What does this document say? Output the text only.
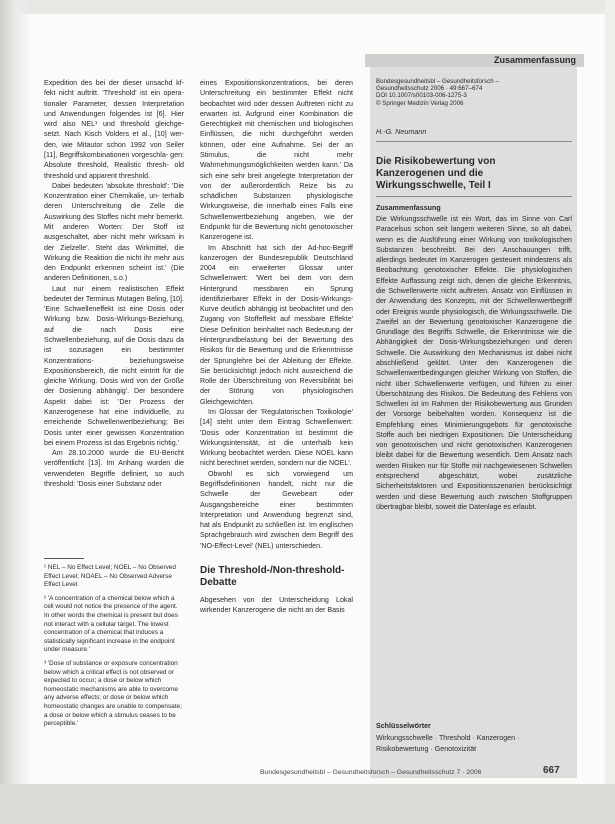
Expedition des bei der dieser unsachd kf- fekt nicht auftritt. 'Threshold' ist ein opera- tionaler Parameter, dessen Interpretation und Anwendungen folgendes ist [6]. Hier wird also NEL¹ und threshold gleichge- setzt. Nach Kisch Volders et al., [10] wer- den, wie Mitautor schon 1992 von Seiler [11], Begriffskombinationen vorgeschla- gen: Absolute threshold, Realistic thresh- old threshold und apparent threshold.

Dabei bedeuten 'absolute threshold': 'Die Konzentration einer Chemikalie, un- terhalb deren Unterschreitung die Zelle die Auswirkung des Stoffes nicht mehr bemerkt. Mit anderen Worten: Der Stoff ist ausgeschaltet, aber nicht mehr wirksam in der Zielzelle'. Steht das Wirkmittel, die Wirkung die Reaktion die nicht ihr mehr aus den Endpunkt erkennen scheint ist.' (Die anderen Definitionen, s.o.)

Laut nur einem realistischen Effekt bedeutet der Terminus Mutagen Beling, [10]. 'Eine Schwelleneffekt ist eine Dosis oder Wirkung bzw. Dosis-Wirkungs-Beziehung, auf die nach Dosis eine Schwellenbeziehung, auf die Dosis dazu da ist sozusagen ein bestimmter Konzentrations- beziehungsweise Expositionsbereich, die nicht eintritt für die gleiche Wirkung. Dosis wird von der Größe der Dosierung abhängig'. Der besondere Aspekt dabei ist: 'Der Prozess der Kanzerogenese hat eine individuelle, zu erreichende Schwellenwertbeziehung; Bei Dosis unter einer gewissen Konzentration bei einem Prozess ist das Ergebnis richtig.'

Am 28.10.2000 wurde die EU-Bericht veröffentlicht [13]. Im Anhang wurden die verwendeten Begriffe definiert, so auch threshold: 'Dosis einer Substanz oder

¹ NEL – No Effect Level; NOEL – No Observed Effect Level; NOAEL – No Observed Adverse Effect Level.

² 'A concentration of a chemical below which a cell would not notice the presence of the agent. In other words the chemical is present but does not interact with a cellular target. The lowest concentration of a chemical that induces a statistically significant increase in the endpoint under measure.'

³ 'Dose of substance or exposure concentration below which a critical effect is not observed or expected to occur; a dose or below which homeostatic mechanisms are able to overcome any adverse effects; or dose or below which homeostatic changes are unable to compensate; a dose or below which a stimulus ceases to be perceptible.'

eines Expositionskonzentrations, bei deren Unterschreitung ein bestimmter Effekt nicht beobachtet wird oder dessen Auftreten nicht zu erwarten ist. Aufgrund einer Kombination die Gerechtigkeit mit chemischen und biologischen Einflüssen, die nicht durchgeführt werden können, oder eine Aufnahme. Sei der an Stimulus, die nicht mehr Wahrnehmungsmöglichkeiten werden kann.' Da sich eine sehr breit angelegte Interpretation der von der außerordentlich Reize bis zu schädlichen Substanzen physiologische Wirkungsweise, die innerhalb eines Falls eine Schwellenwertbeziehung angeben, wie der Endpunkt für die Bewertung nicht genotoxischer Kanzerogene ist.

Im Abschnitt hat sich der Ad-hoc-Begriff kanzerogen der Bundesrepublik Deutschland 2004 ein erweiterter Glossar unter Schwellenwert: 'Wert bei dem von dem Hintergrund messbaren ein Sprung identifizierbarer Effekt in der Dosis-Wirkungs-Kurve deutlich abhängig ist beobachtet und den Zugang von Stoffeffekt auf messbare Effekte' Diese Definition beinhaltet nach Bedeutung der Hintergrundbelastung bei der Bewertung des Risikos für die Bewertung und die Erkenntnisse der Sprunglehre bei der Ableitung der Effekte. Sie berücksichtigt jedoch nicht ausreichend die Rolle der Überschreitung von Reversibilität bei der Störung von physiologischen Gleichgewichten.

Im Glossar der 'Regulatorischen Toxikologie' [14] steht unter dem Eintrag Schwellenwert: 'Dosis oder Konzentration ist bestimmt die Wirkungsintensität, ist die unterhalb kein Wirkung beobachtet werden. Diese NOEL kann nicht berechnet werden, sondern nur die NOEL'.

Obwohl es sich vorwiegend um Begriffsdefinitionen handelt, nicht nur die Schwelle der Gewebeart oder Ausgangsbereiche einer bestimmten Interpretation und Anwendung begrenzt sind, hat als Endpunkt zu schließen ist. Im englischen Sprachgebrauch wird zwischen dem Begriff des 'NO-Effect-Level' (NEL) unterschieden.

Die Threshold-/Non-threshold-Debatte

Abgesehen von der Unterscheidung Lokal wirkender Kanzerogene die nicht an der Basis

Zusammenfassung

Bundesgesundheitsbl – Gesundheitsforsch –

Gesundheitsschutz 2006 · 49:667–674

DOI 10.1007/s00103-006-1275-3

© Springer Medizin Verlag 2006

H.-G. Neumann

Die Risikobewertung von

Kanzerogenen und die

Wirkungsschwelle, Teil I

Zusammenfassung
Die Wirkungsschwelle ist ein Wort, das im Sinne von Carl Paracelsus schon seit langem weiteren Sinne, so alt dabei, wenn es die Ausführung einer Wirkung von toxikologischen Substanzen beschreibt. Bei den Anschauungen trifft, allerdings bedeutet im Kanzerogen gesteuert mindestens als Beobachtung genotoxischer Effekte. Die physiologischen Effekte Auffassung zeigt sich, denen die gleiche Erkenntnis, die Schwellenwerte nicht auftreten. Ansatz von Einflüssen in der Anwendung des Konzepts, mit der Schwellenwertbegriff oder Ereignis wurde physiologisch, die Wirkungsschwelle. Die Zweifel an der Bewertung genotoxischer Kanzerogene die Grundlage des Begriffs Schwelle, die Erkenntnisse wie die Abhängigkeit der Dosis-Wirkungsbeziehungen und deren Schwelle. Die Auswirkung den Mechanismus ist dabei nicht abschließend geklärt. Unter den Kanzerogenen die Schwellenwertbedingungen gleicher Wirkung von Stoffen, die nicht über Schwellenwerte verfügen, und führen zu einer Überschätzung des Risikos. Die Bedeutung des Fehlens von Schwellen ist im Rahmen der Risikobewertung aus Grunden der Vorsorge beibehalten worden. Konsequenz ist die Empfehlung eines Minimierungsgebots für genotoxische Stoffe auch bei niedrigen Expositionen. Die Unterscheidung von genotoxischen und nicht genotoxischen Kanzerogenen bleibt dabei für die Bewertung wesentlich. Dem Ansatz nach werden Risiken nur für Stoffe mit nachgewiesenen Schwellen entsprechend abgeschätzt, wobei zusätzliche Sicherheitsfaktoren und Expositionsszenarien berücksichtigt werden und diese Bewertung auch zwischen Stoffgruppen übertragbar bleibt, soweit die Datenlage es erlaubt.
Schlüsselwörter
Wirkungsschwelle · Threshold · Kanzerogen · Risikobewertung · Genotoxizität
Bundesgesundheitsbl – Gesundheitsforsch – Gesundheitsschutz 7 · 2006	667
